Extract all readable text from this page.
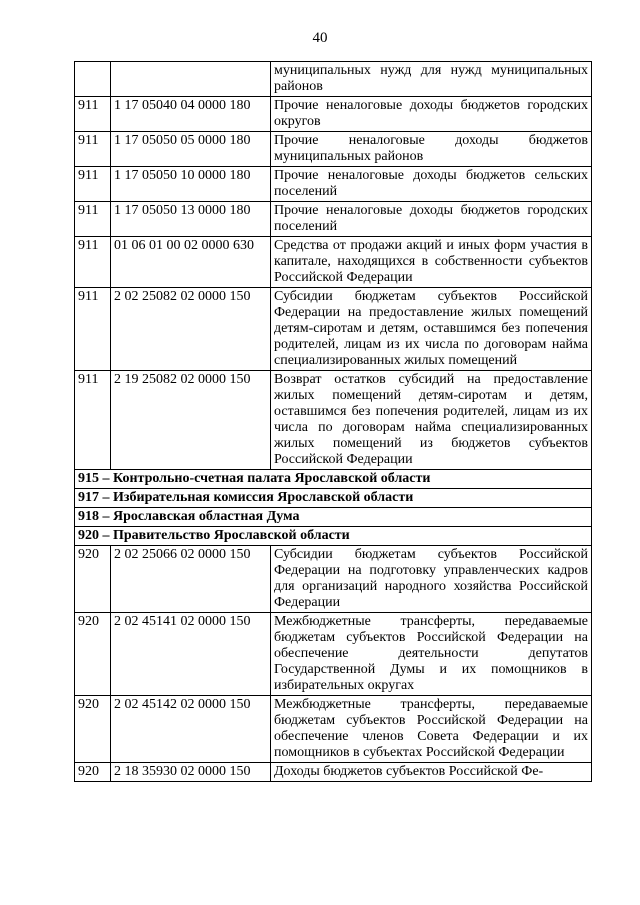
40
		муниципальных нужд для нужд муниципальных районов
911	1 17 05040 04 0000 180	Прочие неналоговые доходы бюджетов городских округов
911	1 17 05050 05 0000 180	Прочие неналоговые доходы бюджетов муниципальных районов
911	1 17 05050 10 0000 180	Прочие неналоговые доходы бюджетов сельских поселений
911	1 17 05050 13 0000 180	Прочие неналоговые доходы бюджетов городских поселений
911	01 06 01 00 02 0000 630	Средства от продажи акций и иных форм участия в капитале, находящихся в собственности субъектов Российской Федерации
911	2 02 25082 02 0000 150	Субсидии бюджетам субъектов Российской Федерации на предоставление жилых помещений детям-сиротам и детям, оставшимся без попечения родителей, лицам из их числа по договорам найма специализированных жилых помещений
911	2 19 25082 02 0000 150	Возврат остатков субсидий на предоставление жилых помещений детям-сиротам и детям, оставшимся без попечения родителей, лицам из их числа по договорам найма специализированных жилых помещений из бюджетов субъектов Российской Федерации
915 – Контрольно-счетная палата Ярославской области		
917 – Избирательная комиссия Ярославской области		
918 – Ярославская областная Дума		
920 – Правительство Ярославской области		
920	2 02 25066 02 0000 150	Субсидии бюджетам субъектов Российской Федерации на подготовку управленческих кадров для организаций народного хозяйства Российской Федерации
920	2 02 45141 02 0000 150	Межбюджетные трансферты, передаваемые бюджетам субъектов Российской Федерации на обеспечение деятельности депутатов Государственной Думы и их помощников в избирательных округах
920	2 02 45142 02 0000 150	Межбюджетные трансферты, передаваемые бюджетам субъектов Российской Федерации на обеспечение членов Совета Федерации и их помощников в субъектах Российской Федерации
920	2 18 35930 02 0000 150	Доходы бюджетов субъектов Российской Фе-
